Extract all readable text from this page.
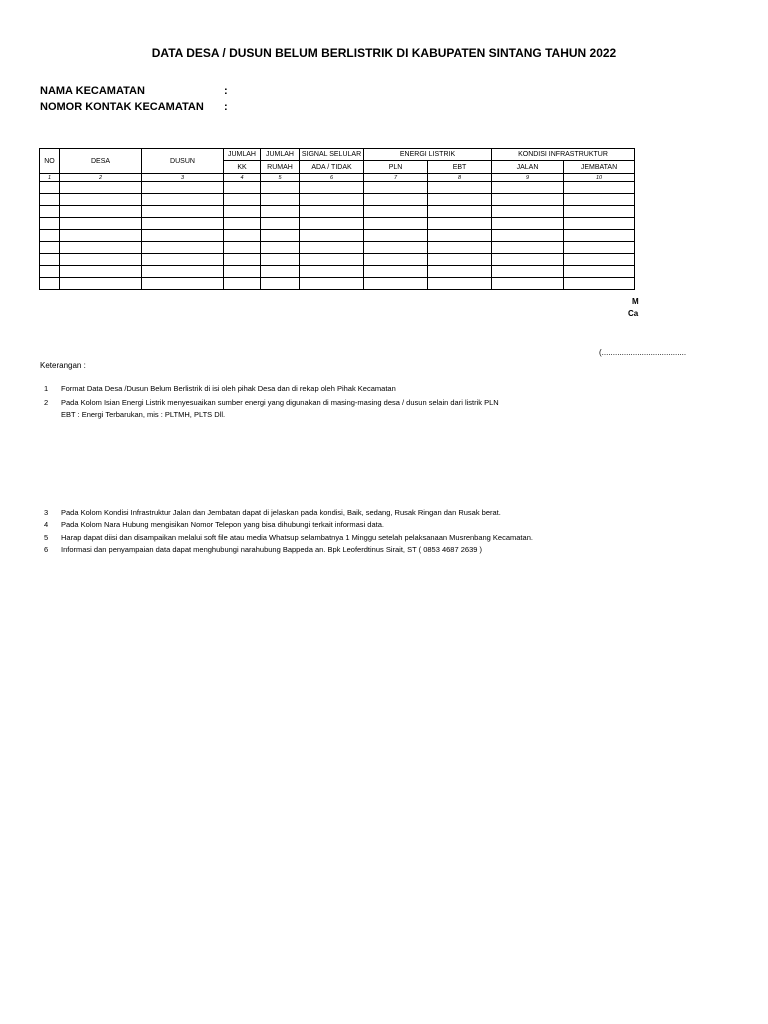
DATA DESA / DUSUN BELUM BERLISTRIK DI KABUPATEN SINTANG TAHUN 2022
NAMA KECAMATAN	:
NOMOR KONTAK KECAMATAN	:
NO	DESA	DUSUN	JUMLAH	JUMLAH	SIGNAL SELULAR	ENERGI LISTRIK		KONDISI INFRASTRUKTUR	
			KK	RUMAH	ADA / TIDAK	PLN	EBT	JALAN	JEMBATAN
1	2	3	4	5	6	7	8	9	10

M
Ca
(......................................
Keterangan :
1	Format Data Desa /Dusun Belum Berlistrik di isi oleh pihak Desa dan di rekap oleh Pihak Kecamatan
2	Pada Kolom Isian Energi Listrik menyesuaikan sumber energi yang digunakan di masing-masing desa / dusun selain dari listrik PLN
EBT : Energi Terbarukan, mis : PLTMH, PLTS Dll.
3	Pada Kolom Kondisi Infrastruktur Jalan dan Jembatan dapat di jelaskan pada kondisi, Baik, sedang, Rusak Ringan dan Rusak berat.
4	Pada Kolom Nara Hubung mengisikan Nomor Telepon yang bisa dihubungi terkait informasi data.
5	Harap dapat diisi dan disampaikan melalui soft file atau media Whatsup selambatnya 1 Minggu setelah pelaksanaan Musrenbang Kecamatan.
6	Informasi dan penyampaian data dapat menghubungi narahubung Bappeda an. Bpk Leoferdtinus Sirait, ST ( 0853 4687 2639 )
